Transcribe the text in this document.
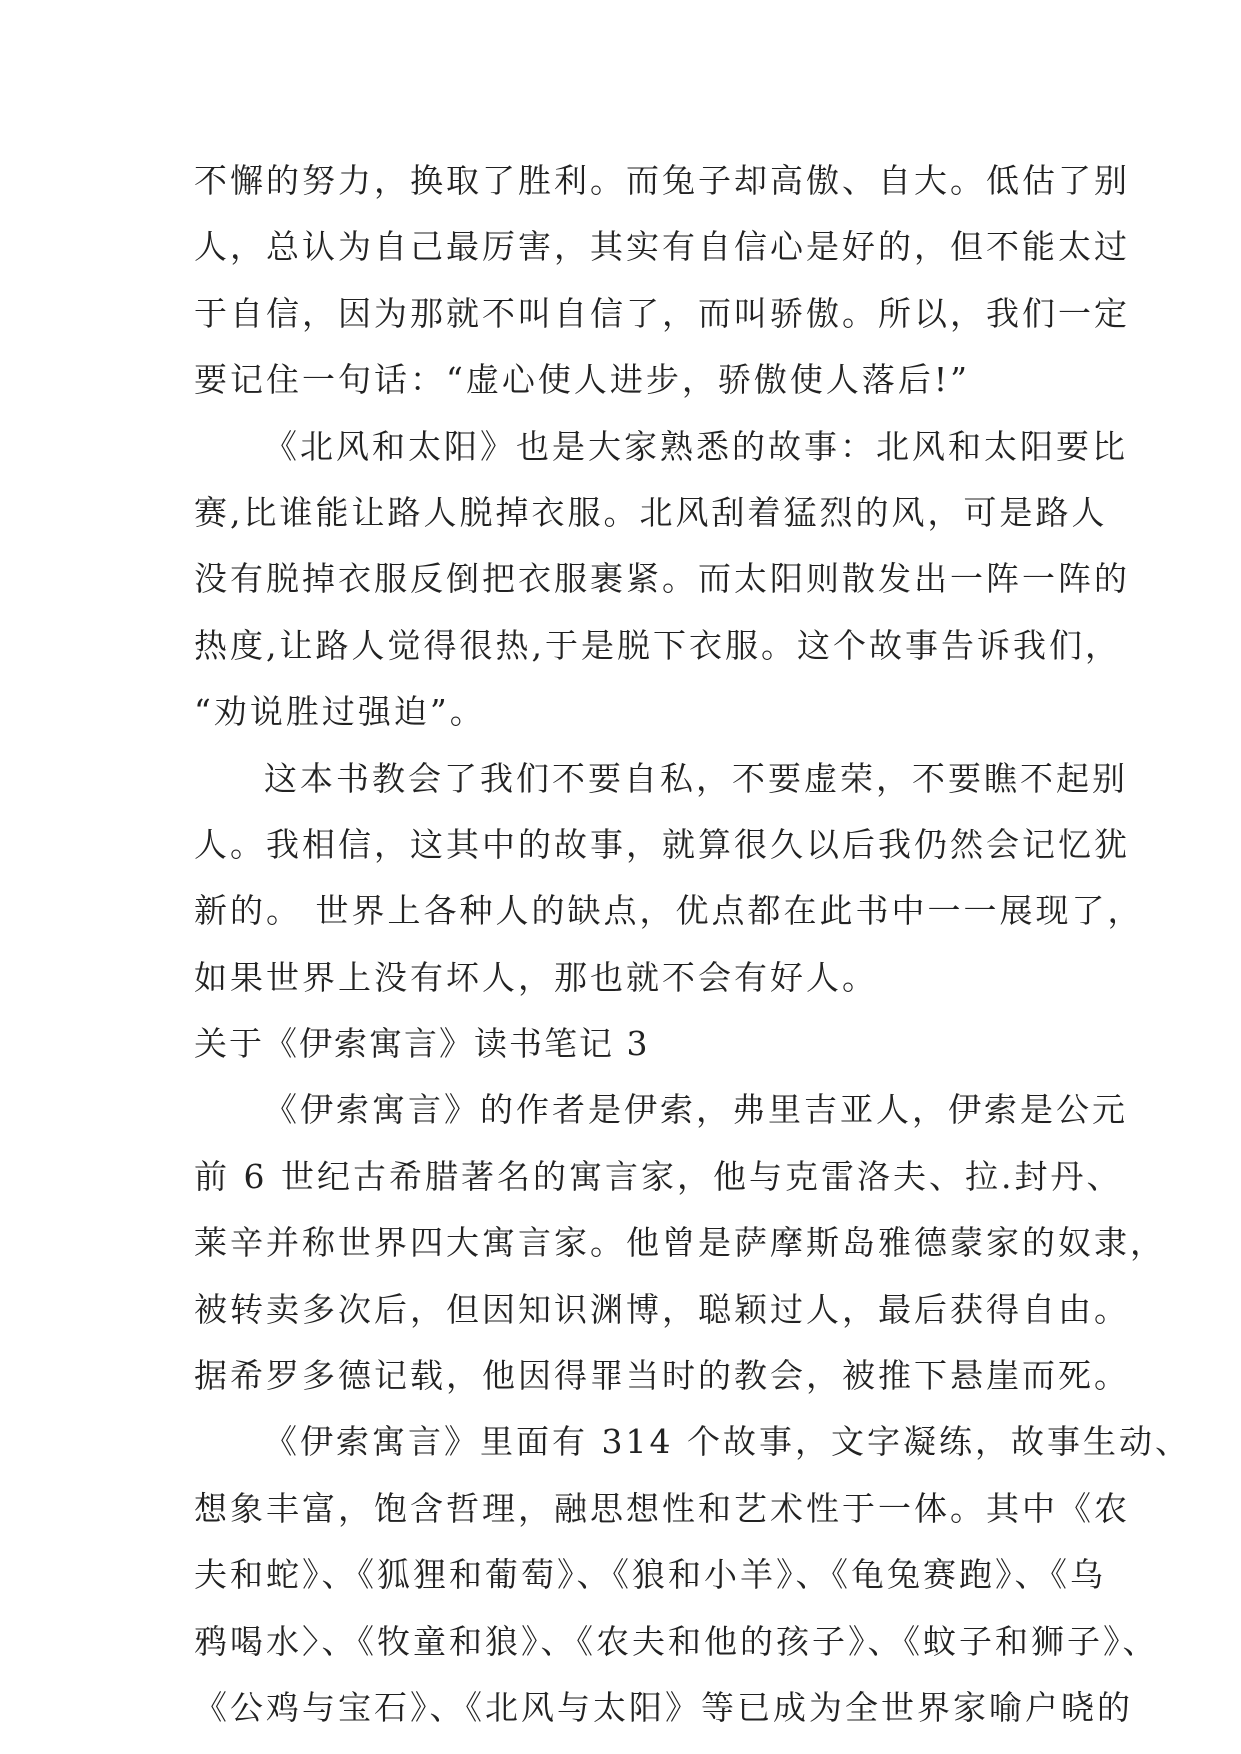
不懈的努力，换取了胜利。而兔子却高傲、自大。低估了别
人，总认为自己最厉害，其实有自信心是好的，但不能太过
于自信，因为那就不叫自信了，而叫骄傲。所以，我们一定
要记住一句话：“虚心使人进步，骄傲使人落后!”
《北风和太阳》也是大家熟悉的故事：北风和太阳要比
赛,比谁能让路人脱掉衣服。北风刮着猛烈的风，可是路人
没有脱掉衣服反倒把衣服裹紧。而太阳则散发出一阵一阵的
热度,让路人觉得很热,于是脱下衣服。这个故事告诉我们，
“劝说胜过强迫”。
这本书教会了我们不要自私，不要虚荣，不要瞧不起别
人。我相信，这其中的故事，就算很久以后我仍然会记忆犹
新的。 世界上各种人的缺点，优点都在此书中一一展现了，
如果世界上没有坏人，那也就不会有好人。
关于《伊索寓言》读书笔记 3
《伊索寓言》的作者是伊索，弗里吉亚人，伊索是公元
前 6 世纪古希腊著名的寓言家，他与克雷洛夫、拉.封丹、
莱辛并称世界四大寓言家。他曾是萨摩斯岛雅德蒙家的奴隶，
被转卖多次后，但因知识渊博，聪颖过人，最后获得自由。
据希罗多德记载，他因得罪当时的教会，被推下悬崖而死。
《伊索寓言》里面有 314 个故事，文字凝练，故事生动、
想象丰富，饱含哲理，融思想性和艺术性于一体。其中《农
夫和蛇》、《狐狸和葡萄》、《狼和小羊》、《龟兔赛跑》、《乌
鸦喝水〉、《牧童和狼》、《农夫和他的孩子》、《蚊子和狮子》、
《公鸡与宝石》、《北风与太阳》等已成为全世界家喻户晓的
